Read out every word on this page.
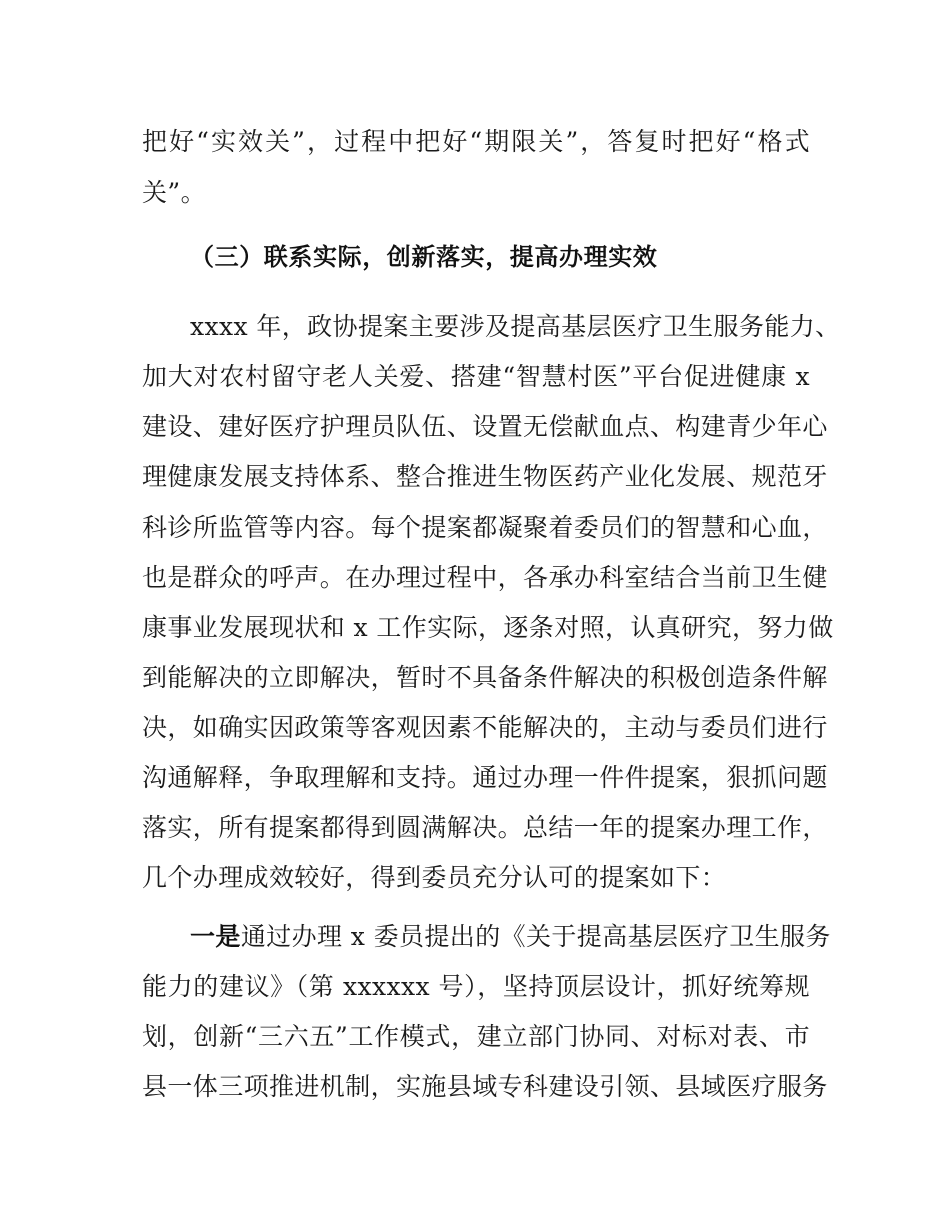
把好“实效关”，过程中把好“期限关”，答复时把好“格式
关”。
（三）联系实际，创新落实，提高办理实效
xxxx 年，政协提案主要涉及提高基层医疗卫生服务能力、
加大对农村留守老人关爱、搭建“智慧村医”平台促进健康 x
建设、建好医疗护理员队伍、设置无偿献血点、构建青少年心
理健康发展支持体系、整合推进生物医药产业化发展、规范牙
科诊所监管等内容。每个提案都凝聚着委员们的智慧和心血，
也是群众的呼声。在办理过程中，各承办科室结合当前卫生健
康事业发展现状和 x 工作实际，逐条对照，认真研究，努力做
到能解决的立即解决，暂时不具备条件解决的积极创造条件解
决，如确实因政策等客观因素不能解决的，主动与委员们进行
沟通解释，争取理解和支持。通过办理一件件提案，狠抓问题
落实，所有提案都得到圆满解决。总结一年的提案办理工作，
几个办理成效较好，得到委员充分认可的提案如下：
一是通过办理 x 委员提出的《关于提高基层医疗卫生服务
能力的建议》（第 xxxxxx 号），坚持顶层设计，抓好统筹规
划，创新“三六五”工作模式，建立部门协同、对标对表、市
县一体三项推进机制，实施县域专科建设引领、县域医疗服务
